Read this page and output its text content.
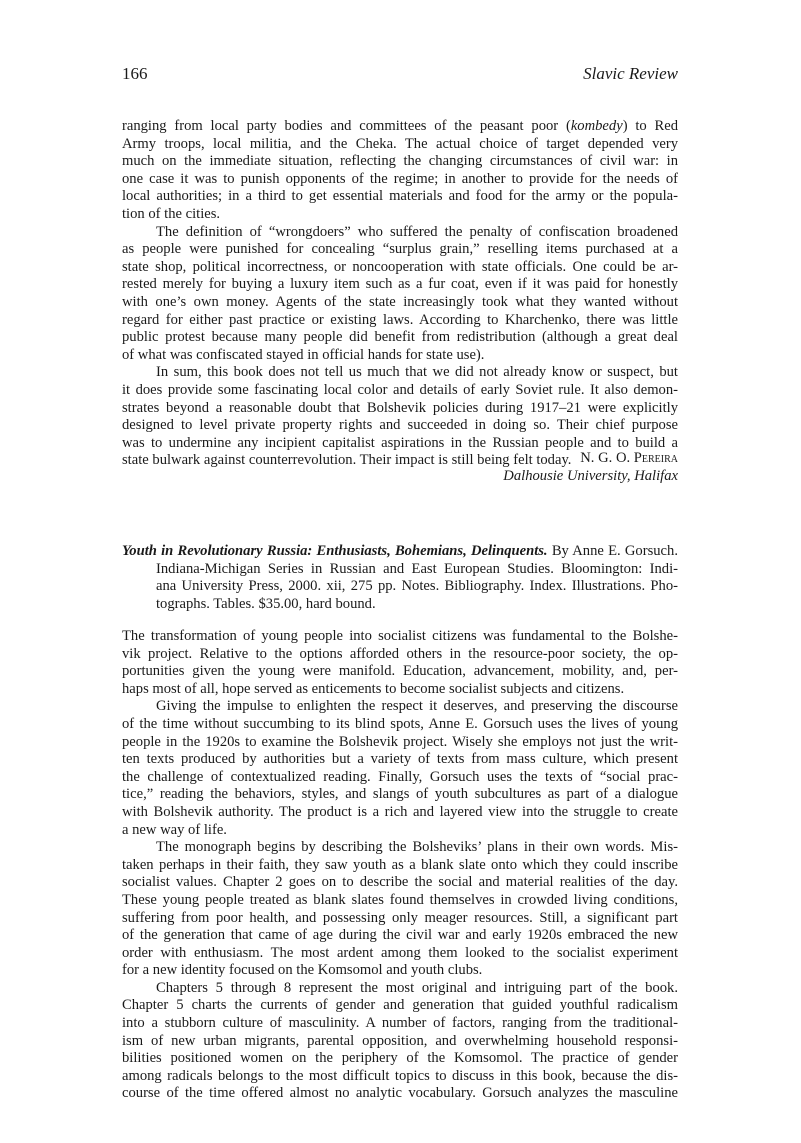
166	Slavic Review
ranging from local party bodies and committees of the peasant poor (kombedy) to Red
Army troops, local militia, and the Cheka. The actual choice of target depended very
much on the immediate situation, reflecting the changing circumstances of civil war: in
one case it was to punish opponents of the regime; in another to provide for the needs of
local authorities; in a third to get essential materials and food for the army or the popula-
tion of the cities.
The definition of “wrongdoers” who suffered the penalty of confiscation broadened
as people were punished for concealing “surplus grain,” reselling items purchased at a
state shop, political incorrectness, or noncooperation with state officials. One could be ar-
rested merely for buying a luxury item such as a fur coat, even if it was paid for honestly
with one’s own money. Agents of the state increasingly took what they wanted without
regard for either past practice or existing laws. According to Kharchenko, there was little
public protest because many people did benefit from redistribution (although a great deal
of what was confiscated stayed in official hands for state use).
In sum, this book does not tell us much that we did not already know or suspect, but
it does provide some fascinating local color and details of early Soviet rule. It also demon-
strates beyond a reasonable doubt that Bolshevik policies during 1917–21 were explicitly
designed to level private property rights and succeeded in doing so. Their chief purpose
was to undermine any incipient capitalist aspirations in the Russian people and to build a
state bulwark against counterrevolution. Their impact is still being felt today. N. G. O. Pereira
Dalhousie University, Halifax
Youth in Revolutionary Russia: Enthusiasts, Bohemians, Delinquents. By Anne E. Gorsuch.
Indiana-Michigan Series in Russian and East European Studies. Bloomington: Indi-
ana University Press, 2000. xii, 275 pp. Notes. Bibliography. Index. Illustrations. Pho-
tographs. Tables. $35.00, hard bound.
The transformation of young people into socialist citizens was fundamental to the Bolshe-
vik project. Relative to the options afforded others in the resource-poor society, the op-
portunities given the young were manifold. Education, advancement, mobility, and, per-
haps most of all, hope served as enticements to become socialist subjects and citizens.
Giving the impulse to enlighten the respect it deserves, and preserving the discourse
of the time without succumbing to its blind spots, Anne E. Gorsuch uses the lives of young
people in the 1920s to examine the Bolshevik project. Wisely she employs not just the writ-
ten texts produced by authorities but a variety of texts from mass culture, which present
the challenge of contextualized reading. Finally, Gorsuch uses the texts of “social prac-
tice,” reading the behaviors, styles, and slangs of youth subcultures as part of a dialogue
with Bolshevik authority. The product is a rich and layered view into the struggle to create
a new way of life.
The monograph begins by describing the Bolsheviks’ plans in their own words. Mis-
taken perhaps in their faith, they saw youth as a blank slate onto which they could inscribe
socialist values. Chapter 2 goes on to describe the social and material realities of the day.
These young people treated as blank slates found themselves in crowded living conditions,
suffering from poor health, and possessing only meager resources. Still, a significant part
of the generation that came of age during the civil war and early 1920s embraced the new
order with enthusiasm. The most ardent among them looked to the socialist experiment
for a new identity focused on the Komsomol and youth clubs.
Chapters 5 through 8 represent the most original and intriguing part of the book.
Chapter 5 charts the currents of gender and generation that guided youthful radicalism
into a stubborn culture of masculinity. A number of factors, ranging from the traditional-
ism of new urban migrants, parental opposition, and overwhelming household responsi-
bilities positioned women on the periphery of the Komsomol. The practice of gender
among radicals belongs to the most difficult topics to discuss in this book, because the dis-
course of the time offered almost no analytic vocabulary. Gorsuch analyzes the masculine
